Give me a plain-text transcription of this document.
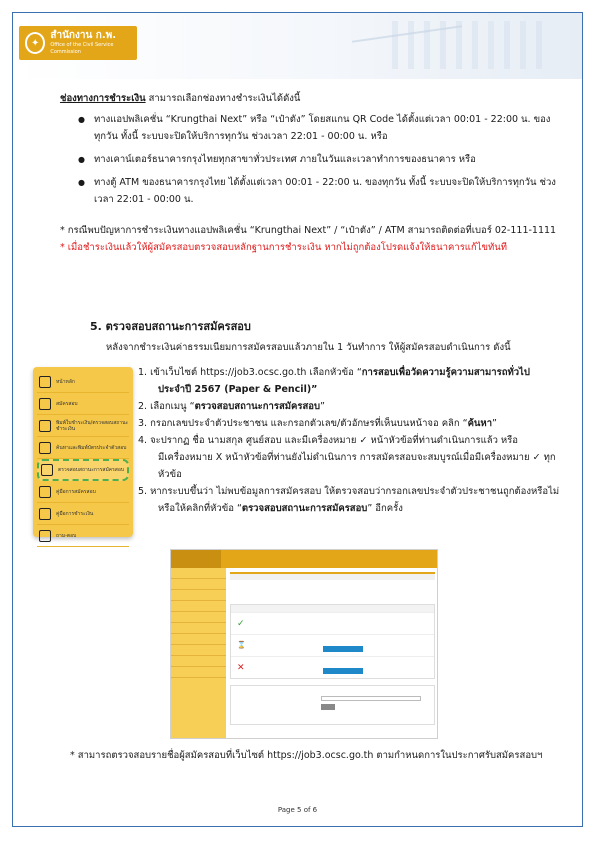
✦
สำนักงาน ก.พ.
Office of the Civil Service Commission
ช่องทางการชำระเงิน สามารถเลือกช่องทางชำระเงินได้ดังนี้
● ทางแอปพลิเคชั่น “Krungthai Next” หรือ “เป๋าตัง” โดยสแกน QR Code ได้ตั้งแต่เวลา 00:01 - 22:00 น. ของทุกวัน ทั้งนี้ ระบบจะปิดให้บริการทุกวัน ช่วงเวลา 22:01 - 00:00 น. หรือ
● ทางเคาน์เตอร์ธนาคารกรุงไทยทุกสาขาทั่วประเทศ ภายในวันและเวลาทำการของธนาคาร หรือ
● ทางตู้ ATM ของธนาคารกรุงไทย ได้ตั้งแต่เวลา 00:01 - 22:00 น. ของทุกวัน ทั้งนี้ ระบบจะปิดให้บริการทุกวัน ช่วงเวลา 22:01 - 00:00 น.
* กรณีพบปัญหาการชำระเงินทางแอปพลิเคชั่น “Krungthai Next” / “เป๋าตัง” / ATM สามารถติดต่อที่เบอร์ 02-111-1111
* เมื่อชำระเงินแล้วให้ผู้สมัครสอบตรวจสอบหลักฐานการชำระเงิน หากไม่ถูกต้องโปรดแจ้งให้ธนาคารแก้ไขทันที
5. ตรวจสอบสถานะการสมัครสอบ
หลังจากชำระเงินค่าธรรมเนียมการสมัครสอบแล้วภายใน 1 วันทำการ ให้ผู้สมัครสอบดำเนินการ ดังนี้
หน้าหลัก
สมัครสอบ
พิมพ์ใบชำระเงิน/ตรวจสอบสถานะชำระเงิน
ค้นหาและพิมพ์บัตรประจำตัวสอบ
ตรวจสอบสถานะการสมัครสอบ
คู่มือการสมัครสอบ
คู่มือการชำระเงิน
ถาม-ตอบ
1. เข้าเว็บไซต์ https://job3.ocsc.go.th เลือกหัวข้อ “การสอบเพื่อวัดความรู้ความสามารถทั่วไป
ประจำปี 2567 (Paper & Pencil)”
2. เลือกเมนู “ตรวจสอบสถานะการสมัครสอบ”
3. กรอกเลขประจำตัวประชาชน และกรอกตัวเลข/ตัวอักษรที่เห็นบนหน้าจอ คลิก “ค้นหา”
4. จะปรากฏ ชื่อ นามสกุล ศูนย์สอบ และมีเครื่องหมาย ✓ หน้าหัวข้อที่ท่านดำเนินการแล้ว หรือ
มีเครื่องหมาย X หน้าหัวข้อที่ท่านยังไม่ดำเนินการ การสมัครสอบจะสมบูรณ์เมื่อมีเครื่องหมาย ✓ ทุกหัวข้อ
5. หากระบบขึ้นว่า ไม่พบข้อมูลการสมัครสอบ ให้ตรวจสอบว่ากรอกเลขประจำตัวประชาชนถูกต้องหรือไม่
หรือให้คลิกที่หัวข้อ “ตรวจสอบสถานะการสมัครสอบ” อีกครั้ง
✓
⌛
✕
* สามารถตรวจสอบรายชื่อผู้สมัครสอบที่เว็บไซต์ https://job3.ocsc.go.th ตามกำหนดการในประกาศรับสมัครสอบฯ
Page 5 of 6
